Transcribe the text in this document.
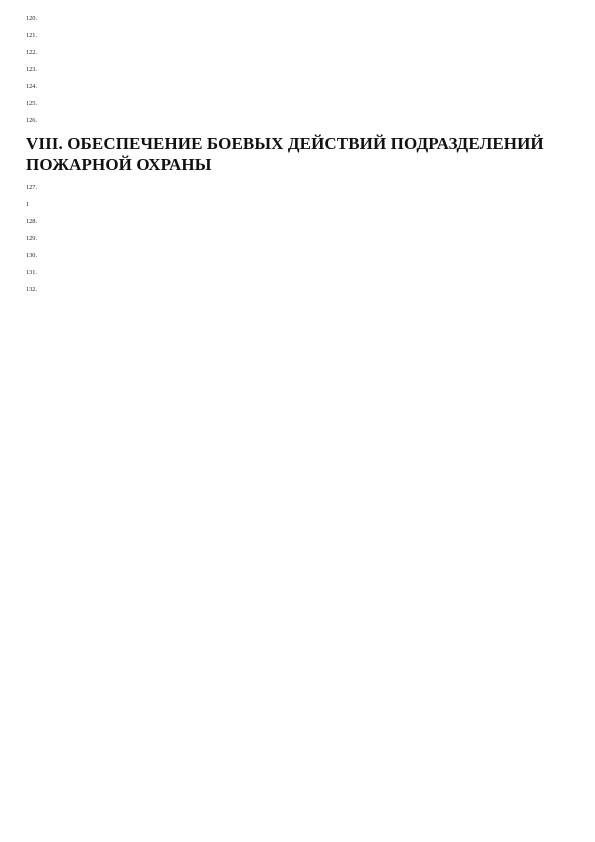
120.

121.

122.

123.

124.

125.

126.

VIII. ОБЕСПЕЧЕНИЕ БОЕВЫХ ДЕЙСТВИЙ ПОДРАЗДЕЛЕНИЙ ПОЖАРНОЙ ОХРАНЫ

127.

1

128.

129.

130.

131.

132.
